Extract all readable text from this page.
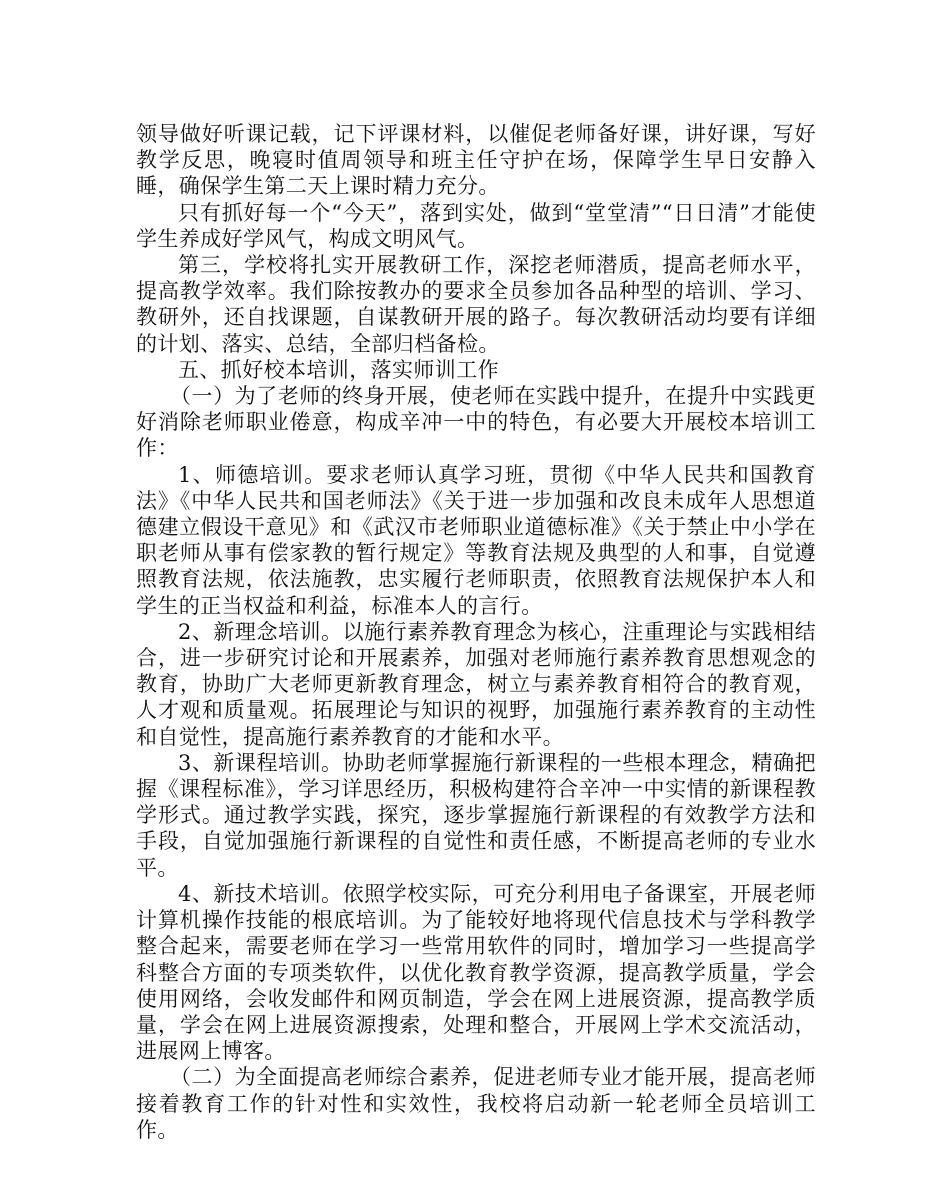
领导做好听课记载，记下评课材料，以催促老师备好课，讲好课，写好教学反思，晚寝时值周领导和班主任守护在场，保障学生早日安静入睡，确保学生第二天上课时精力充分。

只有抓好每一个“今天”，落到实处，做到“堂堂清”“日日清”才能使学生养成好学风气，构成文明风气。

第三，学校将扎实开展教研工作，深挖老师潜质，提高老师水平，提高教学效率。我们除按教办的要求全员参加各品种型的培训、学习、教研外，还自找课题，自谋教研开展的路子。每次教研活动均要有详细的计划、落实、总结，全部归档备检。

五、抓好校本培训，落实师训工作

（一）为了老师的终身开展，使老师在实践中提升，在提升中实践更好消除老师职业倦意，构成辛冲一中的特色，有必要大开展校本培训工作：

1、师德培训。要求老师认真学习班，贯彻《中华人民共和国教育法》《中华人民共和国老师法》《关于进一步加强和改良未成年人思想道德建立假设干意见》和《武汉市老师职业道德标准》《关于禁止中小学在职老师从事有偿家教的暂行规定》等教育法规及典型的人和事，自觉遵照教育法规，依法施教，忠实履行老师职责，依照教育法规保护本人和学生的正当权益和利益，标准本人的言行。

2、新理念培训。以施行素养教育理念为核心，注重理论与实践相结合，进一步研究讨论和开展素养，加强对老师施行素养教育思想观念的教育，协助广大老师更新教育理念，树立与素养教育相符合的教育观，人才观和质量观。拓展理论与知识的视野，加强施行素养教育的主动性和自觉性，提高施行素养教育的才能和水平。

3、新课程培训。协助老师掌握施行新课程的一些根本理念，精确把握《课程标准》，学习详思经历，积极构建符合辛冲一中实情的新课程教学形式。通过教学实践，探究，逐步掌握施行新课程的有效教学方法和手段，自觉加强施行新课程的自觉性和责任感，不断提高老师的专业水平。

4、新技术培训。依照学校实际，可充分利用电子备课室，开展老师计算机操作技能的根底培训。为了能较好地将现代信息技术与学科教学整合起来，需要老师在学习一些常用软件的同时，增加学习一些提高学科整合方面的专项类软件，以优化教育教学资源，提高教学质量，学会使用网络，会收发邮件和网页制造，学会在网上进展资源，提高教学质量，学会在网上进展资源搜索，处理和整合，开展网上学术交流活动，进展网上博客。

（二）为全面提高老师综合素养，促进老师专业才能开展，提高老师接着教育工作的针对性和实效性，我校将启动新一轮老师全员培训工作。
